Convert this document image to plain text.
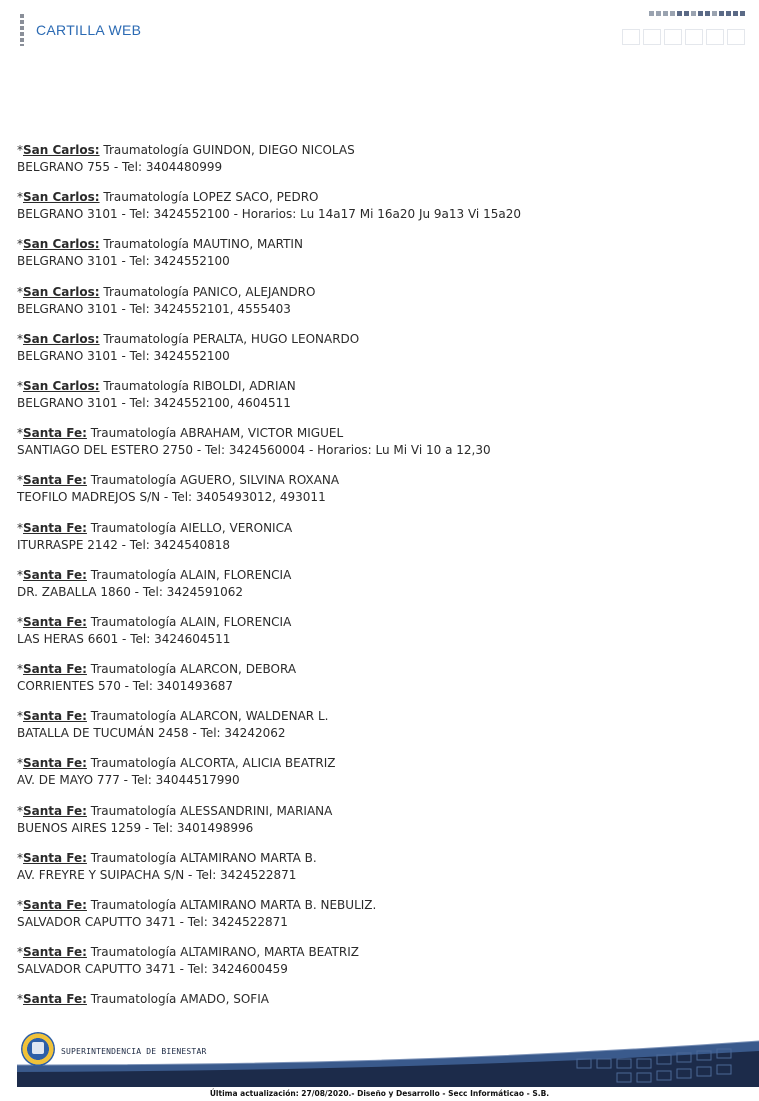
CARTILLA WEB
*San Carlos: Traumatología GUINDON, DIEGO NICOLAS
BELGRANO 755 - Tel: 3404480999
*San Carlos: Traumatología LOPEZ SACO, PEDRO
BELGRANO 3101 - Tel: 3424552100 - Horarios: Lu 14a17 Mi 16a20 Ju 9a13 Vi 15a20
*San Carlos: Traumatología MAUTINO, MARTIN
BELGRANO 3101 - Tel: 3424552100
*San Carlos: Traumatología PANICO, ALEJANDRO
BELGRANO 3101 - Tel: 3424552101, 4555403
*San Carlos: Traumatología PERALTA, HUGO LEONARDO
BELGRANO 3101 - Tel: 3424552100
*San Carlos: Traumatología RIBOLDI, ADRIAN
BELGRANO 3101 - Tel: 3424552100, 4604511
*Santa Fe: Traumatología ABRAHAM, VICTOR MIGUEL
SANTIAGO DEL ESTERO 2750 - Tel: 3424560004 - Horarios: Lu Mi Vi 10 a 12,30
*Santa Fe: Traumatología AGUERO, SILVINA ROXANA
TEOFILO MADREJOS S/N - Tel: 3405493012, 493011
*Santa Fe: Traumatología AIELLO, VERONICA
ITURRASPE 2142 - Tel: 3424540818
*Santa Fe: Traumatología ALAIN, FLORENCIA
DR. ZABALLA 1860 - Tel: 3424591062
*Santa Fe: Traumatología ALAIN, FLORENCIA
LAS HERAS 6601 - Tel: 3424604511
*Santa Fe: Traumatología ALARCON, DEBORA
CORRIENTES 570 - Tel: 3401493687
*Santa Fe: Traumatología ALARCON, WALDENAR L.
BATALLA DE TUCUMÁN 2458 - Tel: 34242062
*Santa Fe: Traumatología ALCORTA, ALICIA BEATRIZ
AV. DE MAYO 777 - Tel: 34044517990
*Santa Fe: Traumatología ALESSANDRINI, MARIANA
BUENOS AIRES 1259 - Tel: 3401498996
*Santa Fe: Traumatología ALTAMIRANO MARTA B.
AV. FREYRE Y SUIPACHA S/N - Tel: 3424522871
*Santa Fe: Traumatología ALTAMIRANO MARTA B. NEBULIZ.
SALVADOR CAPUTTO 3471 - Tel: 3424522871
*Santa Fe: Traumatología ALTAMIRANO, MARTA BEATRIZ
SALVADOR CAPUTTO 3471 - Tel: 3424600459
*Santa Fe: Traumatología AMADO, SOFIA
SUPERINTENDENCIA DE BIENESTAR
Última actualización: 27/08/2020.- Diseño y Desarrollo - Secc Informáticao - S.B.
